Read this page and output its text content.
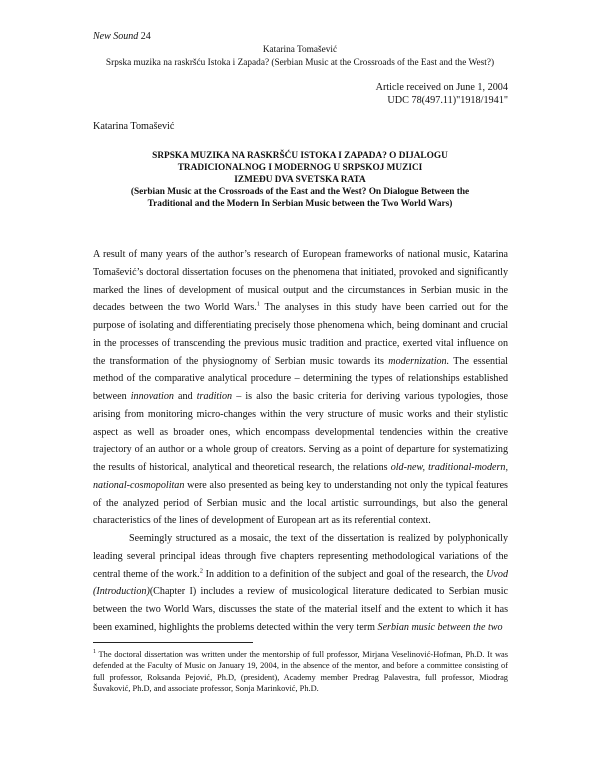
New Sound 24
Katarina Tomašević
Srpska muzika na raskršću Istoka i Zapada? (Serbian Music at the Crossroads of the East and the West?)
Article received on June 1, 2004
UDC 78(497.11)"1918/1941"
Katarina Tomašević
SRPSKA MUZIKA NA RASKRŠĆU ISTOKA I ZAPADA? O DIJALOGU
TRADICIONALNOG I MODERNOG U SRPSKOJ MUZICI
IZMEĐU DVA SVETSKA RATA
(Serbian Music at the Crossroads of the East and the West? On Dialogue Between the
Traditional and the Modern In Serbian Music between the Two World Wars)

A result of many years of the author’s research of European frameworks of national music, Katarina Tomašević’s doctoral dissertation focuses on the phenomena that initiated, provoked and significantly marked the lines of development of musical output and the circumstances in Serbian music in the decades between the two World Wars.$^1$ The analyses in this study have been carried out for the purpose of isolating and differentiating precisely those phenomena which, being dominant and crucial in the processes of transcending the previous music tradition and practice, exerted vital influence on the transformation of the physiognomy of Serbian music towards its modernization. The essential method of the comparative analytical procedure – determining the types of relationships established between innovation and tradition – is also the basic criteria for deriving various typologies, those arising from monitoring micro-changes within the very structure of music works and their stylistic aspect as well as broader ones, which encompass developmental tendencies within the creative trajectory of an author or a whole group of creators. Serving as a point of departure for systematizing the results of historical, analytical and theoretical research, the relations old-new, traditional-modern, national-cosmopolitan were also presented as being key to understanding not only the typical features of the analyzed period of Serbian music and the local artistic surroundings, but also the general characteristics of the lines of development of European art as its referential context.

Seemingly structured as a mosaic, the text of the dissertation is realized by polyphonically leading several principal ideas through five chapters representing methodological variations of the central theme of the work.$^2$ In addition to a definition of the subject and goal of the research, the Uvod (Introduction)(Chapter I) includes a review of musicological literature dedicated to Serbian music between the two World Wars, discusses the state of the material itself and the extent to which it has been examined, highlights the problems detected within the very term Serbian music between the two

$^1$ The doctoral dissertation was written under the mentorship of full professor, Mirjana Veselinović-Hofman, Ph.D. It was defended at the Faculty of Music on January 19, 2004, in the absence of the mentor, and before a committee consisting of full professor, Roksanda Pejović, Ph.D, (president), Academy member Predrag Palavestra, full professor, Miodrag Šuvaković, Ph.D, and associate professor, Sonja Marinković, Ph.D.
